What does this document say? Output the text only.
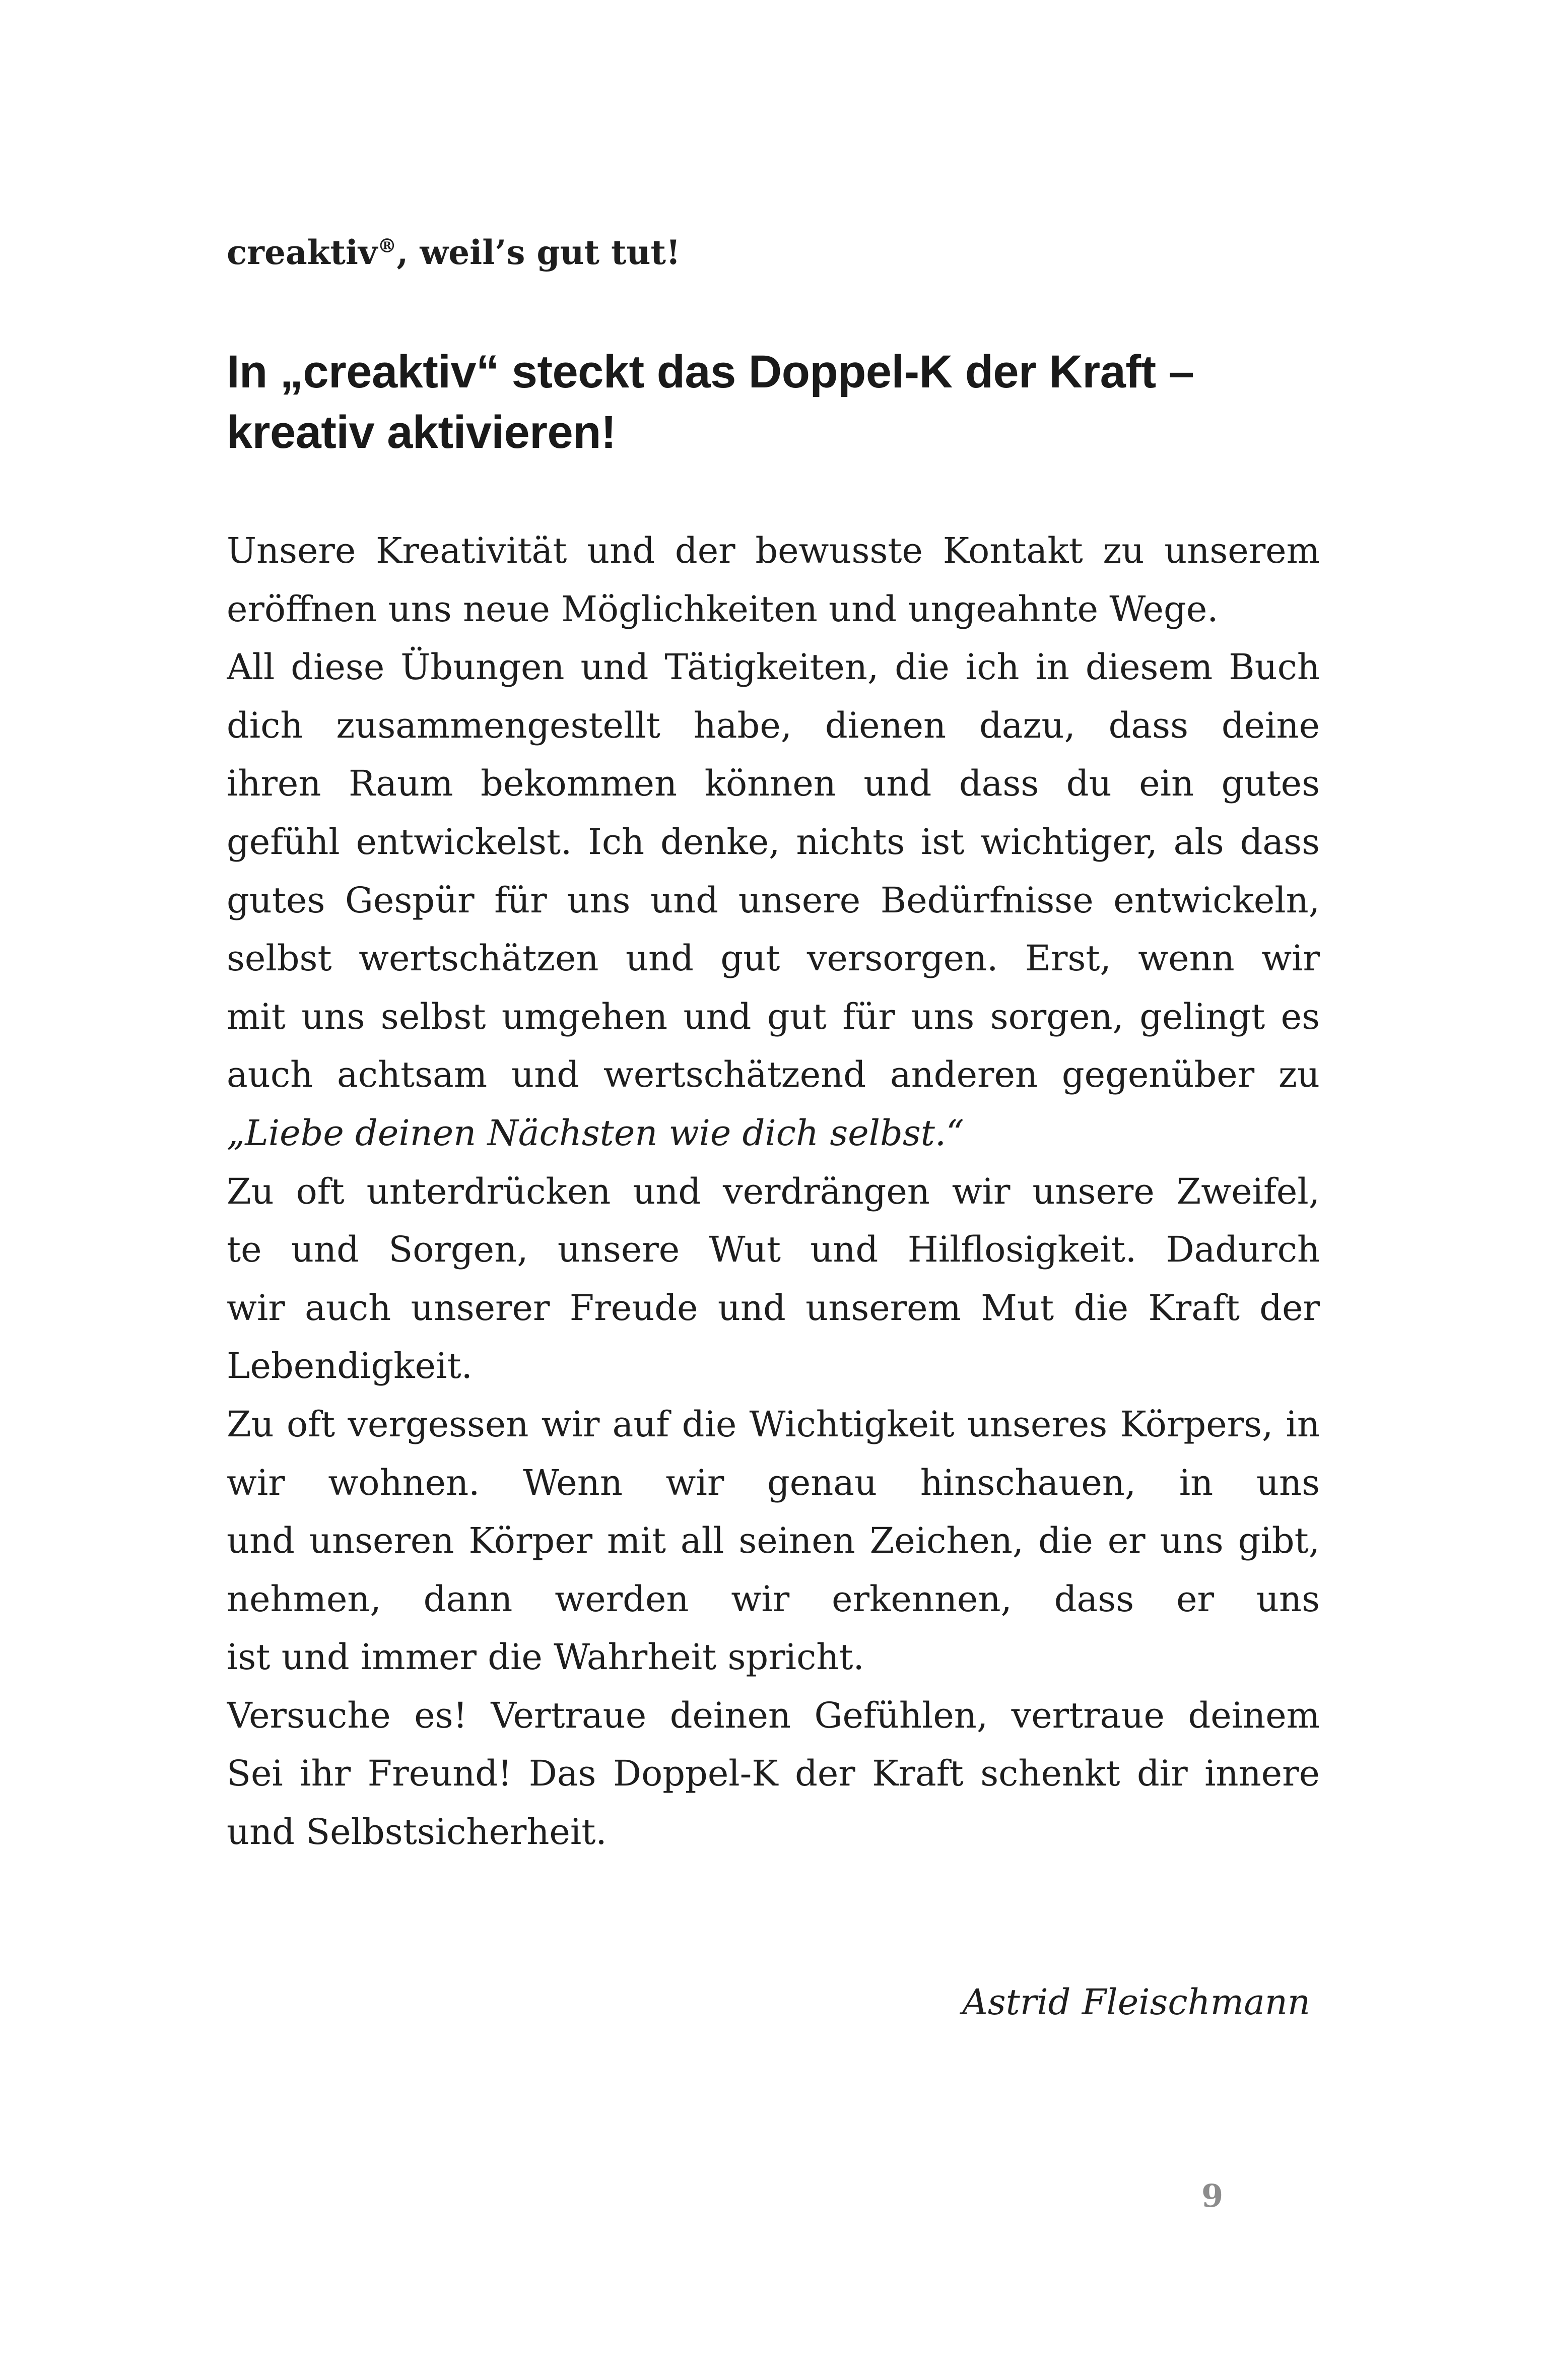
creaktiv®, weil’s gut tut!

In „creaktiv“ steckt das Doppel-K der Kraft –
kreativ aktivieren!
Unsere Kreativität und der bewusste Kontakt zu unserem
eröffnen uns neue Möglichkeiten und ungeahnte Wege.
All diese Übungen und Tätigkeiten, die ich in diesem Buch
dich zusammengestellt habe, dienen dazu, dass deine
ihren Raum bekommen können und dass du ein gutes
gefühl entwickelst. Ich denke, nichts ist wichtiger, als dass
gutes Gespür für uns und unsere Bedürfnisse entwickeln,
selbst wertschätzen und gut versorgen. Erst, wenn wir
mit uns selbst umgehen und gut für uns sorgen, gelingt es
auch achtsam und wertschätzend anderen gegenüber zu
„Liebe deinen Nächsten wie dich selbst.“
Zu oft unterdrücken und verdrängen wir unsere Zweifel,
te und Sorgen, unsere Wut und Hilflosigkeit. Dadurch
wir auch unserer Freude und unserem Mut die Kraft der
Lebendigkeit.
Zu oft vergessen wir auf die Wichtigkeit unseres Körpers, in
wir wohnen. Wenn wir genau hinschauen, in uns
und unseren Körper mit all seinen Zeichen, die er uns gibt,
nehmen, dann werden wir erkennen, dass er uns
ist und immer die Wahrheit spricht.
Versuche es! Vertraue deinen Gefühlen, vertraue deinem
Sei ihr Freund! Das Doppel-K der Kraft schenkt dir innere
und Selbstsicherheit.

Astrid Fleischmann

9
